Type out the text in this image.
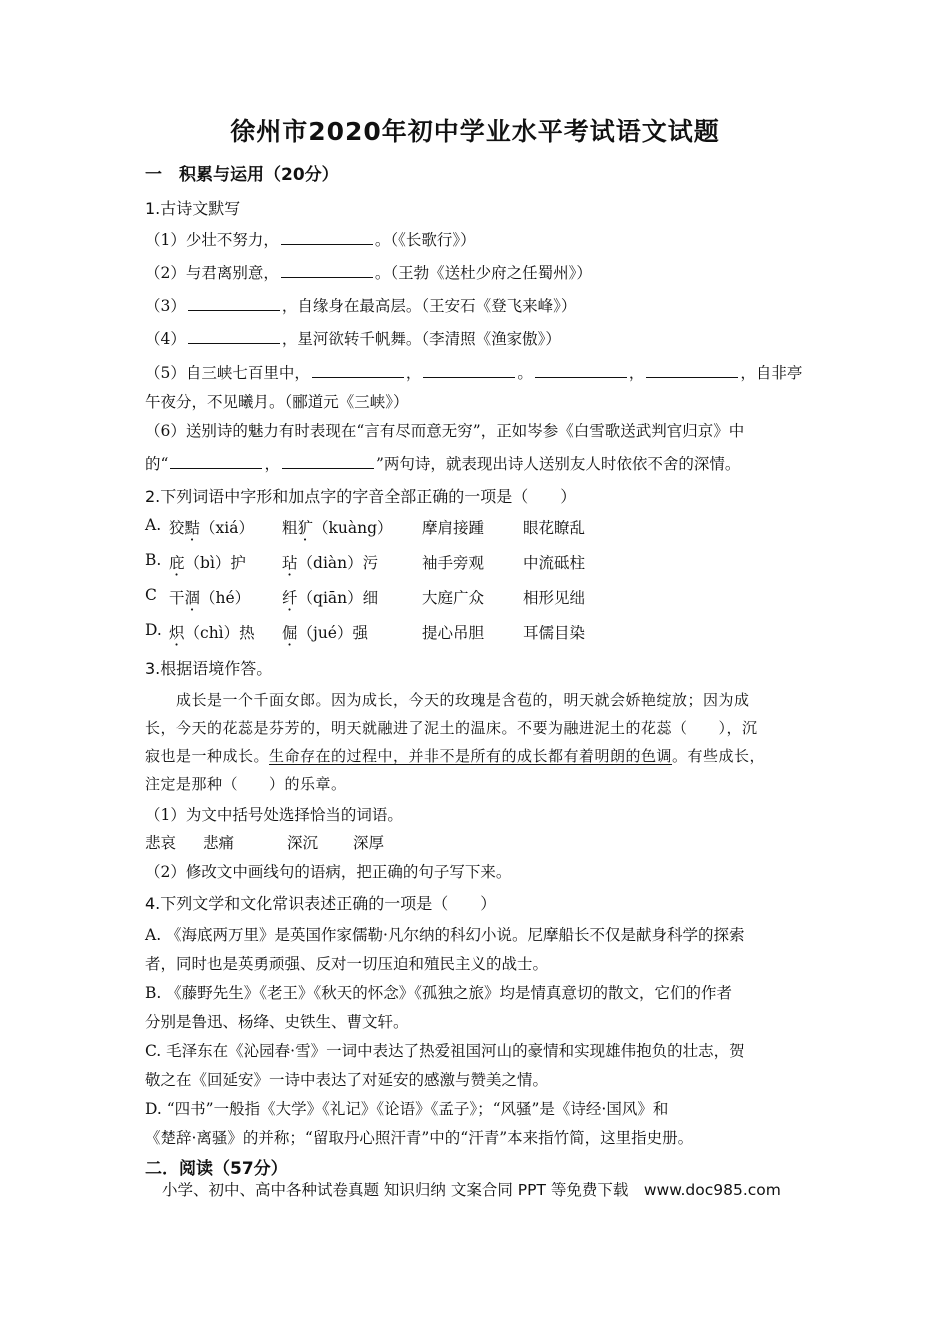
徐州市2020年初中学业水平考试语文试题
一　积累与运用（20分）
1.古诗文默写
（1）少壮不努力，	。（《长歌行》）
（2）与君离别意，	。（王勃《送杜少府之任蜀州》）
（3）	，自缘身在最高层。（王安石《登飞来峰》）
（4）	，星河欲转千帆舞。（李清照《渔家傲》）
（5）自三峡七百里中，	，	。	，	，自非亭
午夜分，不见曦月。（郦道元《三峡》）
（6）送别诗的魅力有时表现在“言有尽而意无穷”，正如岑参《白雪歌送武判官归京》中
的“	，	”两句诗，就表现出诗人送别友人时依依不舍的深情。
2.下列词语中字形和加点字的字音全部正确的一项是（　　）
A. 狡黠（xiá） 粗犷（kuàng） 摩肩接踵	眼花瞭乱
B. 庇（bì）护 玷（diàn）污	袖手旁观	中流砥柱
C 干涸（hé） 纤（qiān）细	大庭广众	相形见绌
D. 炽（chì）热 倔（jué）强	提心吊胆	耳儒目染
3.根据语境作答。
　　成长是一个千面女郎。因为成长，今天的玫瑰是含苞的，明天就会娇艳绽放；因为成
长，今天的花蕊是芬芳的，明天就融进了泥土的温床。不要为融进泥土的花蕊（　　），沉
寂也是一种成长。生命存在的过程中，并非不是所有的成长都有着明朗的色调。有些成长，
注定是那种（　　）的乐章。
（1）为文中括号处选择恰当的词语。
悲哀 悲痛	深沉 深厚
（2）修改文中画线句的语病，把正确的句子写下来。
4.下列文学和文化常识表述正确的一项是（　　）
A. 《海底两万里》是英国作家儒勒·凡尔纳的科幻小说。尼摩船长不仅是献身科学的探索
者，同时也是英勇顽强、反对一切压迫和殖民主义的战士。
B. 《藤野先生》《老王》《秋天的怀念》《孤独之旅》均是情真意切的散文，它们的作者
分别是鲁迅、杨绛、史铁生、曹文轩。
C. 毛泽东在《沁园春·雪》一词中表达了热爱祖国河山的豪情和实现雄伟抱负的壮志，贺
敬之在《回延安》一诗中表达了对延安的感激与赞美之情。
D. “四书”一般指《大学》《礼记》《论语》《孟子》；“风骚”是《诗经·国风》和
《楚辞·离骚》的并称；“留取丹心照汗青”中的“汗青”本来指竹简，这里指史册。
二．阅读（57分）
小学、初中、高中各种试卷真题 知识归纳 文案合同 PPT 等免费下载　www.doc985.com
